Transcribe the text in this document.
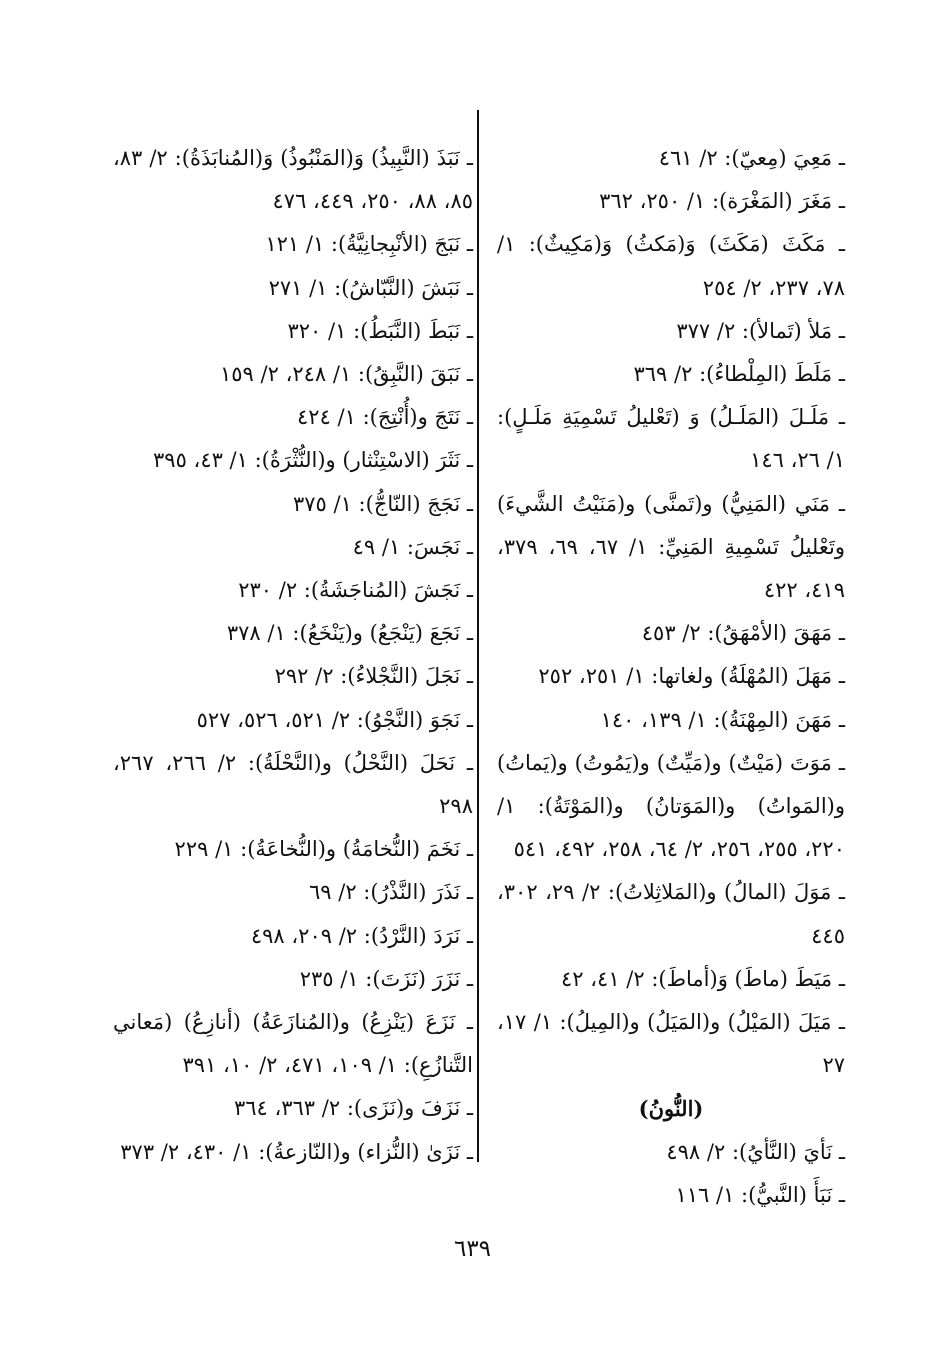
ـ مَعِيَ (مِعيّ): ٢/ ٤٦١
ـ مَغَرَ (المَغْرَة): ١/ ٢٥٠، ٣٦٢
ـ مَكَثَ (مَكَثَ) وَ(مَكثُ) وَ(مَكِيثٌ): ١/ ٧٨، ٢٣٧، ٢/ ٢٥٤
ـ مَلأ (تَمالأ): ٢/ ٣٧٧
ـ مَلَطَ (المِلْطاءُ): ٢/ ٣٦٩
ـ مَلَـلَ (المَلَـلُ) وَ (تَعْليلُ تَسْمِيَةِ مَلَـلٍ): ١/ ٢٦، ١٤٦
ـ مَنَي (المَنِيُّ) و(تَمنَّى) و(مَنَيْتُ الشَّيءَ) وتَعْليلُ تَسْمِيةِ المَنِيِّ: ١/ ٦٧، ٦٩، ٣٧٩، ٤١٩، ٤٢٢
ـ مَهَقَ (الأمْهَقُ): ٢/ ٤٥٣
ـ مَهَلَ (المُهْلَةُ) ولغاتها: ١/ ٢٥١، ٢٥٢
ـ مَهَنَ (المِهْنَةُ): ١/ ١٣٩، ١٤٠
ـ مَوَتَ (مَيْتٌ) و(مَيِّتٌ) و(يَمُوتُ) و(يَماتُ) و(المَواتُ) و(المَوَتانُ) و(المَوْتَةُ): ١/ ٢٢٠، ٢٥٥، ٢٥٦، ٢/ ٦٤، ٢٥٨، ٤٩٢، ٥٤١
ـ مَوَلَ (المالُ) و(المَلاثِلاتُ): ٢/ ٢٩، ٣٠٢، ٤٤٥
ـ مَيَطَ (ماطَ) وَ(أماطَ): ٢/ ٤١، ٤٢
ـ مَيَلَ (المَيْلُ) و(المَيَلُ) و(المِيلُ): ١/ ١٧، ٢٧
(النُّونُ)
ـ نَأيَ (النَّأيُ): ٢/ ٤٩٨
ـ نَبَأَ (النَّبيُّ): ١/ ١١٦
ـ نَبَذَ (النَّبِيذُ) وَ(المَنْبُوذُ) وَ(المُنابَذَةُ): ٢/ ٨٣، ٨٥، ٨٨، ٢٥٠، ٤٤٩، ٤٧٦
ـ نَبَجَ (الأنْبِجانِيَّةُ): ١/ ١٢١
ـ نَبَشَ (النَّبّاشُ): ١/ ٢٧١
ـ نَبَطَ (النَّبَطُ): ١/ ٣٢٠
ـ نَبَقَ (النَّبِقُ): ١/ ٢٤٨، ٢/ ١٥٩
ـ نَتَجَ و(أُنْتِجَ): ١/ ٤٢٤
ـ نَثَرَ (الاسْتِنْثار) و(النُّثْرَةُ): ١/ ٤٣، ٣٩٥
ـ نَجَجَ (النّاجُّ): ١/ ٣٧٥
ـ نَجَسَ: ١/ ٤٩
ـ نَجَشَ (المُناجَشَةُ): ٢/ ٢٣٠
ـ نَجَعَ (يَنْجَعُ) و(يَنْخَعُ): ١/ ٣٧٨
ـ نَجَلَ (النَّجْلاءُ): ٢/ ٢٩٢
ـ نَجَوَ (النَّجْوُ): ٢/ ٥٢١، ٥٢٦، ٥٢٧
ـ نَحَلَ (النَّحْلُ) و(النَّحْلَةُ): ٢/ ٢٦٦، ٢٦٧، ٢٩٨
ـ نَخَمَ (النُّخامَةُ) و(النُّخاعَةُ): ١/ ٢٢٩
ـ نَذَرَ (النَّذْرُ): ٢/ ٦٩
ـ نَرَدَ (النَّرْدُ): ٢/ ٢٠٩، ٤٩٨
ـ نَزَرَ (نَزَتَ): ١/ ٢٣٥
ـ نَزَعَ (يَنْزِعُ) و(المُنازَعَةُ) (أنازِعُ) (مَعاني التَّنازُعِ): ١/ ١٠٩، ٤٧١، ٢/ ١٠، ٣٩١
ـ نَزَفَ و(نَزَى): ٢/ ٣٦٣، ٣٦٤
ـ نَزَىٰ (النُّزاء) و(النّازعةُ): ١/ ٤٣٠، ٢/ ٣٧٣
٦٣٩
